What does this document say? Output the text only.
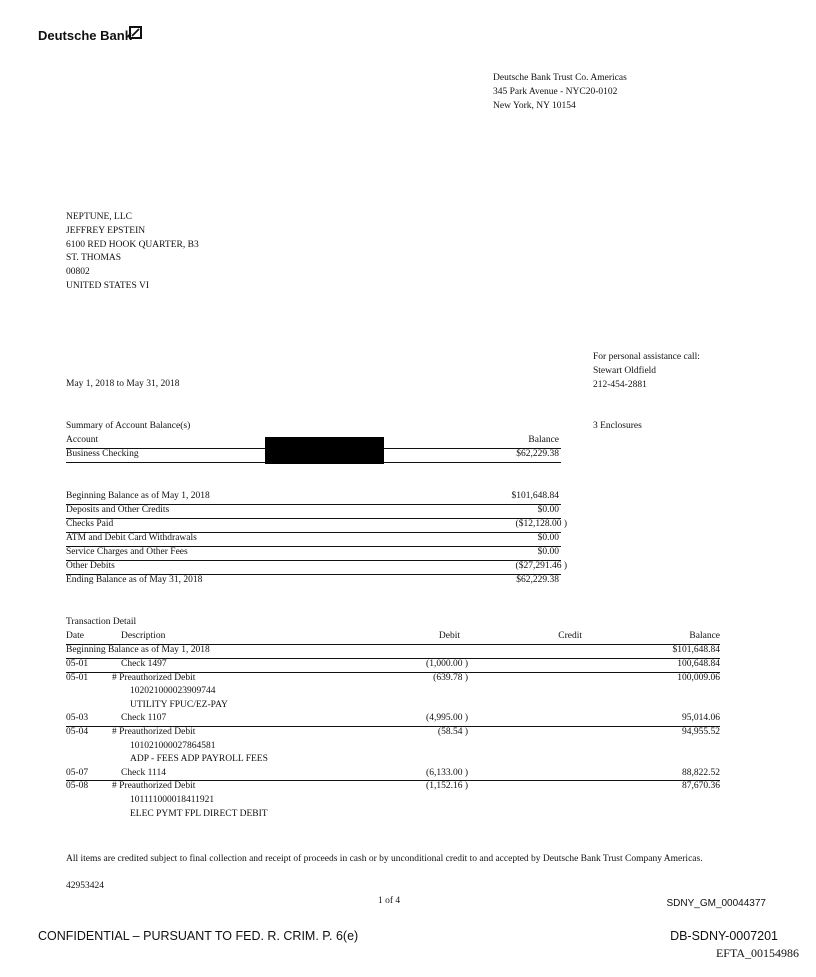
Deutsche Bank
Deutsche Bank Trust Co. Americas
345 Park Avenue - NYC20-0102
New York, NY 10154
NEPTUNE, LLC
JEFFREY EPSTEIN
6100 RED HOOK QUARTER, B3
ST. THOMAS
00802
UNITED STATES VI
For personal assistance call:
Stewart Oldfield
212-454-2881
May 1, 2018 to May 31, 2018
3 Enclosures
Summary of Account Balance(s)
Account	Balance
Business Checking	$62,229.38
Beginning Balance as of May 1, 2018	$101,648.84
Deposits and Other Credits	$0.00
Checks Paid	($12,128.00 )
ATM and Debit Card Withdrawals	$0.00
Service Charges and Other Fees	$0.00
Other Debits	($27,291.46 )
Ending Balance as of May 31, 2018	$62,229.38
Transaction Detail
Date	Description	Debit	Credit	Balance
Beginning Balance as of May 1, 2018	$101,648.84
05-01	Check 1497	(1,000.00 )	100,648.84
05-01	# Preauthorized Debit	(639.78 )	100,009.06
102021000023909744
UTILITY FPUC/EZ-PAY
05-03	Check 1107	(4,995.00 )	95,014.06
05-04	# Preauthorized Debit	(58.54 )	94,955.52
101021000027864581
ADP - FEES ADP PAYROLL FEES
05-07	Check 1114	(6,133.00 )	88,822.52
05-08	# Preauthorized Debit	(1,152.16 )	87,670.36
101111000018411921
ELEC PYMT FPL DIRECT DEBIT
All items are credited subject to final collection and receipt of proceeds in cash or by unconditional credit to and accepted by Deutsche Bank Trust Company Americas.
42953424
1 of 4	SDNY_GM_00044377
CONFIDENTIAL – PURSUANT TO FED. R. CRIM. P. 6(e)	DB-SDNY-0007201
EFTA_00154986
